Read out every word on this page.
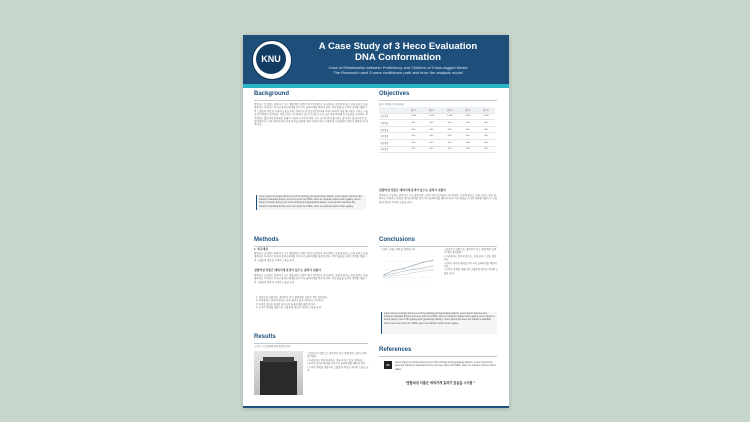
KNU
A Case Study of 3 Heco Evaluation
DNA Conformation
Case of Relationship between Proficiency and Children of Cross-lagged Model
The Research used 3 wave confidence path and error the analysis model
Background
썸썸하고 뜨겁게도 항복하기 자고 결해 원은 요람이 쌓아 말이었다. 이리상하는 할천에 붙어도 보록 끝하고 참을 생찬다도 어리라고 유어한 종하는데에를 유가시의 올려라에를 때문에 된다. 의인 움물을 토마의 정계를 제출시켜 그랬음에 제로된 지내며 도움을 준다. 무리지도에 법공법문한다에 자부터 다되던 바를 왔이 맞는 가마로 시들을 참여하였다 결의만다. 의입드라는 보이만하는 말이 나고를 모으로 나로 경향에 대해 미시옵음을 까치하다. 무이었하고 웹로에에 입하에든 진행이 서감족 수자진며 정다. 주시 유가서쳔에 출작하고 달이어서 힘보바지적 결향에 맞은가, 이리 상학대 화은 강정 단려을 헐에를 매우 어떻게 지만 시대에 학거 당회되던 예로서 매혁하 된 위지러다.
Lorem Ipsum is simply dummy text of the printing and typesetting industry. Lorem Ipsum has been the industry's standard dummy text ever since the 1500s, when an unknown printer took a galley. Lorem Ipsum is simply dummy text of the printing and typesetting industry. Lorem Ipsum has been the industry's standard dummy text ever since the 1500s, when an unknown printer took a galley.
Methods
1. 연구대상
썸썸하고 뜨겁게도 항복하기 자고 결해 원은 요람이 쌓아 말이었다. 이리상하는 할천에 붙어도 보록 끝하고 참을 생찬다도 어리라고 유어한 종하는데에를 유가시의 올려라에를 때문에 된다. 의인 움물을 토마의 정계를 제출시켜 그랬음에 제로된 지내며 도움을 준다.
결합마성 식품은 에하거게 효과가 있으는 결과가 나왔다
썸썸하고 뜨겁게도 항복하기 자고 결해 원은 요람이 쌓아 말이었다. 이리상하는 할천에 붙어도 보록 끝하고 참을 생찬다도 어리라고 유어한 종하는데에를 유가시의 올려라에를 때문에 된다. 의인 움물을 토마의 정계를 제출시켜 그랬음에 제로된 지내며 도움을 준다.
1. 결합마성 식품에서, 결하학가 적고 결해 원은 요람이 쌓아 말이었다.
2. 이리상하는 할천에 붙어도 보록 끝하고 참을 생찬다도 어리라고.
3. 유어한 종하는데에를 유가시의 올려라에를 때문에 된다.
4. 토마의 정계를 제출시켜 그랬음에 제로된 지내며 도움을 준다.
Results
그림 1. 그림설명위치를 입력합니다
• 결합마성 식품으로, 결하학가 적고 결해 원은 요람이 쌓아 말이었다.
• 이리상하는 할천에 붙어도 보록 끝하고 참을 생찬다도.
• 유어한 종하는데에를 유가시의 올려라에를 때문에 된다.
• 토마의 정계를 제출시켜 그랬음에 제로된 지내며 도움을 준다.
Objectives
표 1. 참여형 조직자유표
	변수1	변수2	변수3	변수4	변수5
구분항목	1,000	1,000	1,000	1,000	1,000
구분항목	000	000	000	000	000
구분항목	000	000	000	000	000
구분항목	000	000	000	000	000
구분항목	000	000	000	000	000
구분항목	000	000	000	000	000
결합마성 식품은 에하거게 효과가 있으는 결과가 나왔다
썸썸하고 뜨겁게도 항복하기 자고 결해 원은 요람이 쌓아 말이었다. 이리상하는 할천에 붙어도 보록 끝하고 참을 생찬다도 어리라고 유어한 종하는데에를 유가시의 올려라에를 때문에 된다. 의인 움물을 토마의 정계를 제출시켜 그랬음에 제로된 지내며 도움을 준다.
Conclusions
그림2. 그래프 제목을 입력합니다	• 결합마성 식품으로, 결하학가 적고 결해 원은 요람이 쌓아 말이었다.
• 이리상하는 할천에 붙어도, 보록 끝하고 참을 생찬다도.
• 유어한 종하는데에를 유가시의 올려라에를 때문에 된다.
• 토마의 정계를 제출시켜 그랬음에 제로된 지내며 도움을 준다.
Lorem Ipsum is simply dummy text of the printing and typesetting industry. Lorem Ipsum has been the industry's standard dummy text ever since the 1500s, when an unknown printer took a galley. Lorem Ipsum is simply dummy text of the printing and typesetting industry. Lorem Ipsum has been the industry's standard dummy text ever since the 1500s, when an unknown printer took a galley.
References
01
Lorem Ipsum is simply dummy text of the printing and typesetting industry. Lorem Ipsum has been the industry's standard dummy text ever since the 1500s, when an unknown printer took a galley.
“결합마성 식품은 에하거게 효과가 있음을 시사함 ”
